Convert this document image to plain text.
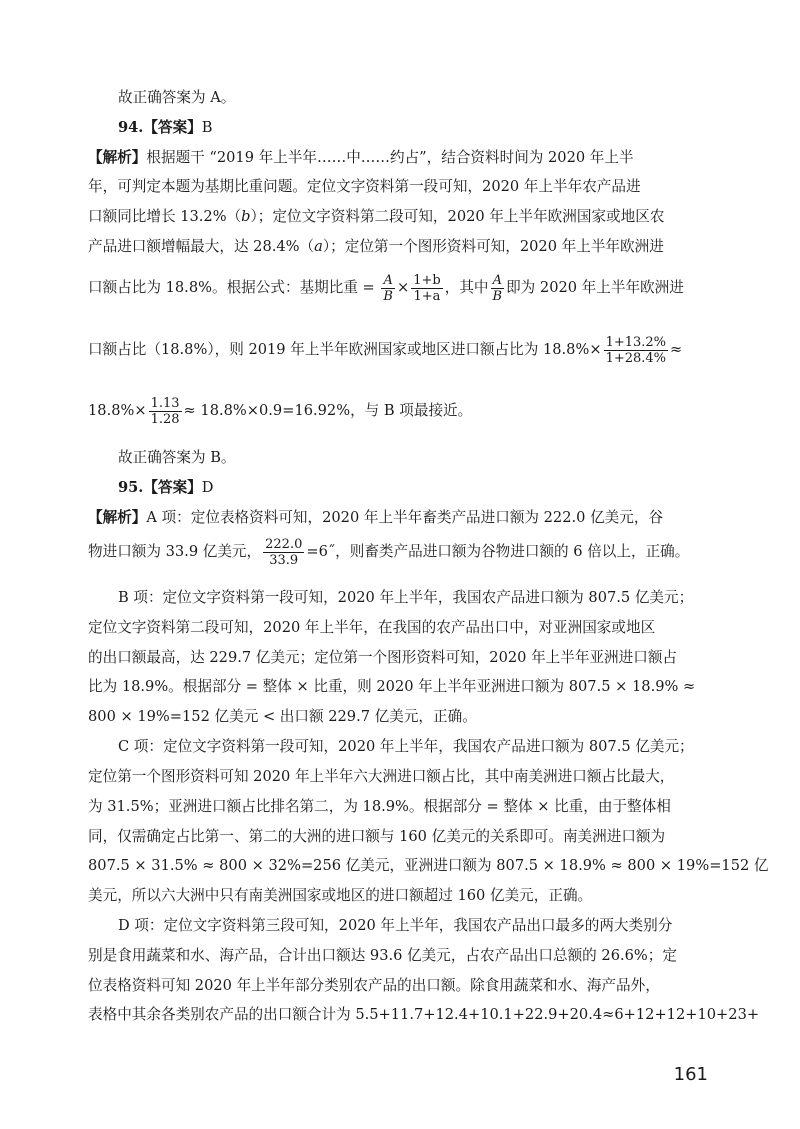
故正确答案为 A。
94.【答案】B
【解析】根据题干 “2019 年上半年……中……约占”，结合资料时间为 2020 年上半
年，可判定本题为基期比重问题。定位文字资料第一段可知，2020 年上半年农产品进
口额同比增长 13.2%（b）；定位文字资料第二段可知，2020 年上半年欧洲国家或地区农
产品进口额增幅最大，达 28.4%（a）；定位第一个图形资料可知，2020 年上半年欧洲进
口额占比为 18.8%。根据公式：基期比重 = $\frac{A}{B} \times \frac{1+b}{1+a}$ ，其中 $\frac{A}{B}$ 即为 2020 年上半年欧洲进
口额占比（18.8%），则 2019 年上半年欧洲国家或地区进口额占比为 $18.8\%\times \frac{1+13.2\%}{1+28.4\%}$ ≈
$18.8\%\times \frac{1.13}{1.28} \approx 18.8\%\times 0.9=16.92\%$，与 B 项最接近。
故正确答案为 B。
95.【答案】D
【解析】A 项：定位表格资料可知，2020 年上半年畜类产品进口额为 222.0 亿美元，谷
物进口额为 33.9 亿美元， $\frac{222.0}{33.9}$ =6˝，则畜类产品进口额为谷物进口额的 6 倍以上，正确。
B 项：定位文字资料第一段可知，2020 年上半年，我国农产品进口额为 807.5 亿美元；
定位文字资料第二段可知，2020 年上半年，在我国的农产品出口中，对亚洲国家或地区
的出口额最高，达 229.7 亿美元；定位第一个图形资料可知，2020 年上半年亚洲进口额占
比为 18.9%。根据部分 = 整体 × 比重，则 2020 年上半年亚洲进口额为 807.5 × 18.9% ≈
800 × 19%=152 亿美元 < 出口额 229.7 亿美元，正确。
C 项：定位文字资料第一段可知，2020 年上半年，我国农产品进口额为 807.5 亿美元；
定位第一个图形资料可知 2020 年上半年六大洲进口额占比，其中南美洲进口额占比最大，
为 31.5%；亚洲进口额占比排名第二，为 18.9%。根据部分 = 整体 × 比重，由于整体相
同，仅需确定占比第一、第二的大洲的进口额与 160 亿美元的关系即可。南美洲进口额为
807.5 × 31.5% ≈ 800 × 32%=256 亿美元，亚洲进口额为 807.5 × 18.9% ≈ 800 × 19%=152 亿
美元，所以六大洲中只有南美洲国家或地区的进口额超过 160 亿美元，正确。
D 项：定位文字资料第三段可知，2020 年上半年，我国农产品出口最多的两大类别分
别是食用蔬菜和水、海产品，合计出口额达 93.6 亿美元，占农产品出口总额的 26.6%；定
位表格资料可知 2020 年上半年部分类别农产品的出口额。除食用蔬菜和水、海产品外，
表格中其余各类别农产品的出口额合计为 5.5+11.7+12.4+10.1+22.9+20.4≈6+12+12+10+23+
161
